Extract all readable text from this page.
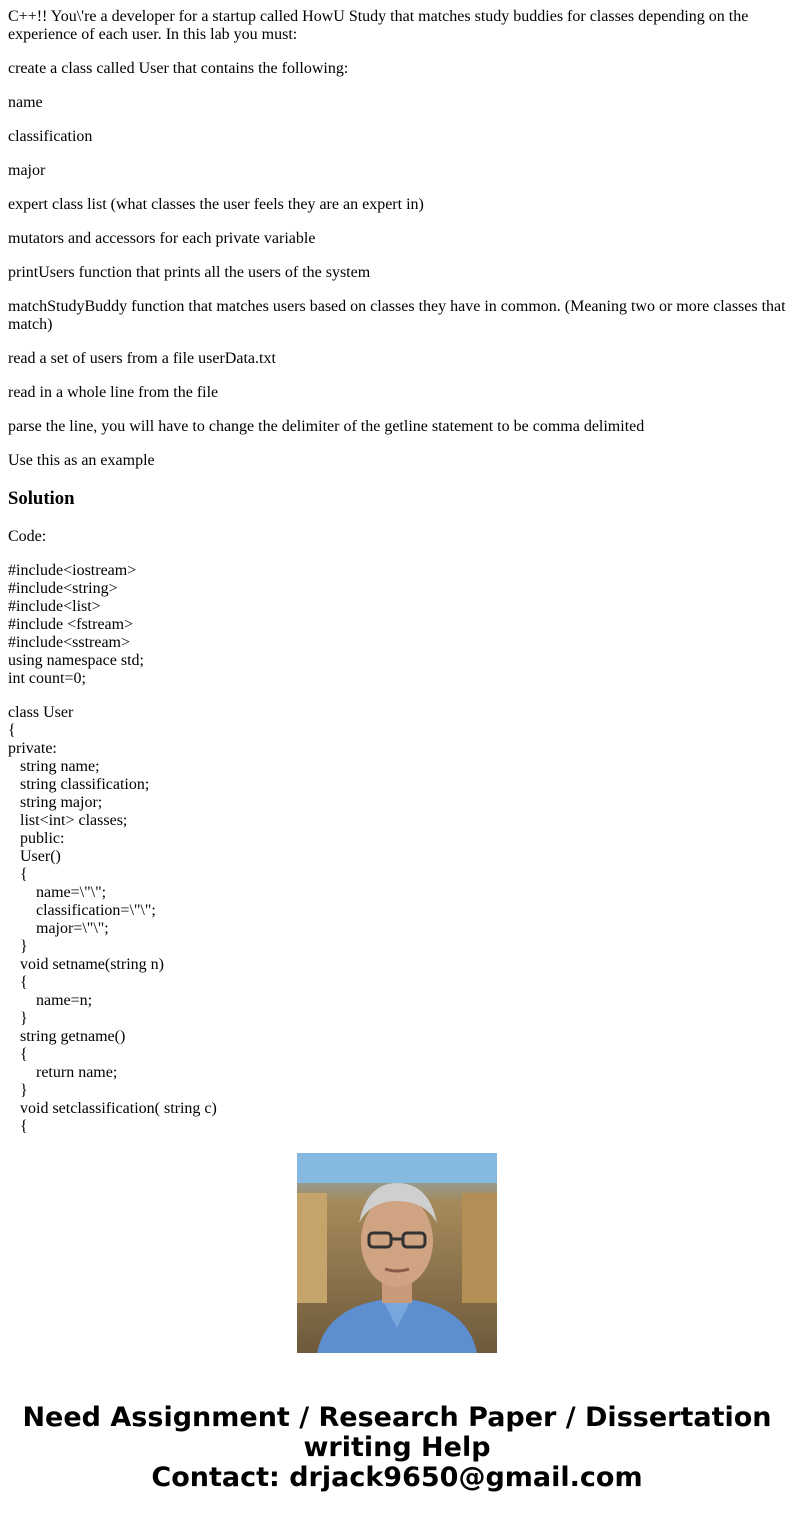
C++!! You\'re a developer for a startup called HowU Study that matches study buddies for classes depending on the experience of each user. In this lab you must:

create a class called User that contains the following:

name

classification

major

expert class list (what classes the user feels they are an expert in)

mutators and accessors for each private variable

printUsers function that prints all the users of the system

matchStudyBuddy function that matches users based on classes they have in common. (Meaning two or more classes that match)

read a set of users from a file userData.txt

read in a whole line from the file

parse the line, you will have to change the delimiter of the getline statement to be comma delimited

Use this as an example

Solution

Code:

#include<iostream>
#include<string>
#include<list>
#include <fstream>
#include<sstream>
using namespace std;
int count=0;
class User
{
private:
string name;
string classification;
string major;
list<int> classes;
public:
User()
{
name=\"\";
classification=\"\";
major=\"\";
}
void setname(string n)
{
name=n;
}
string getname()
{
return name;
}
void setclassification( string c)
{
Need Assignment / Research Paper / Dissertation
writing Help
Contact: drjack9650@gmail.com
